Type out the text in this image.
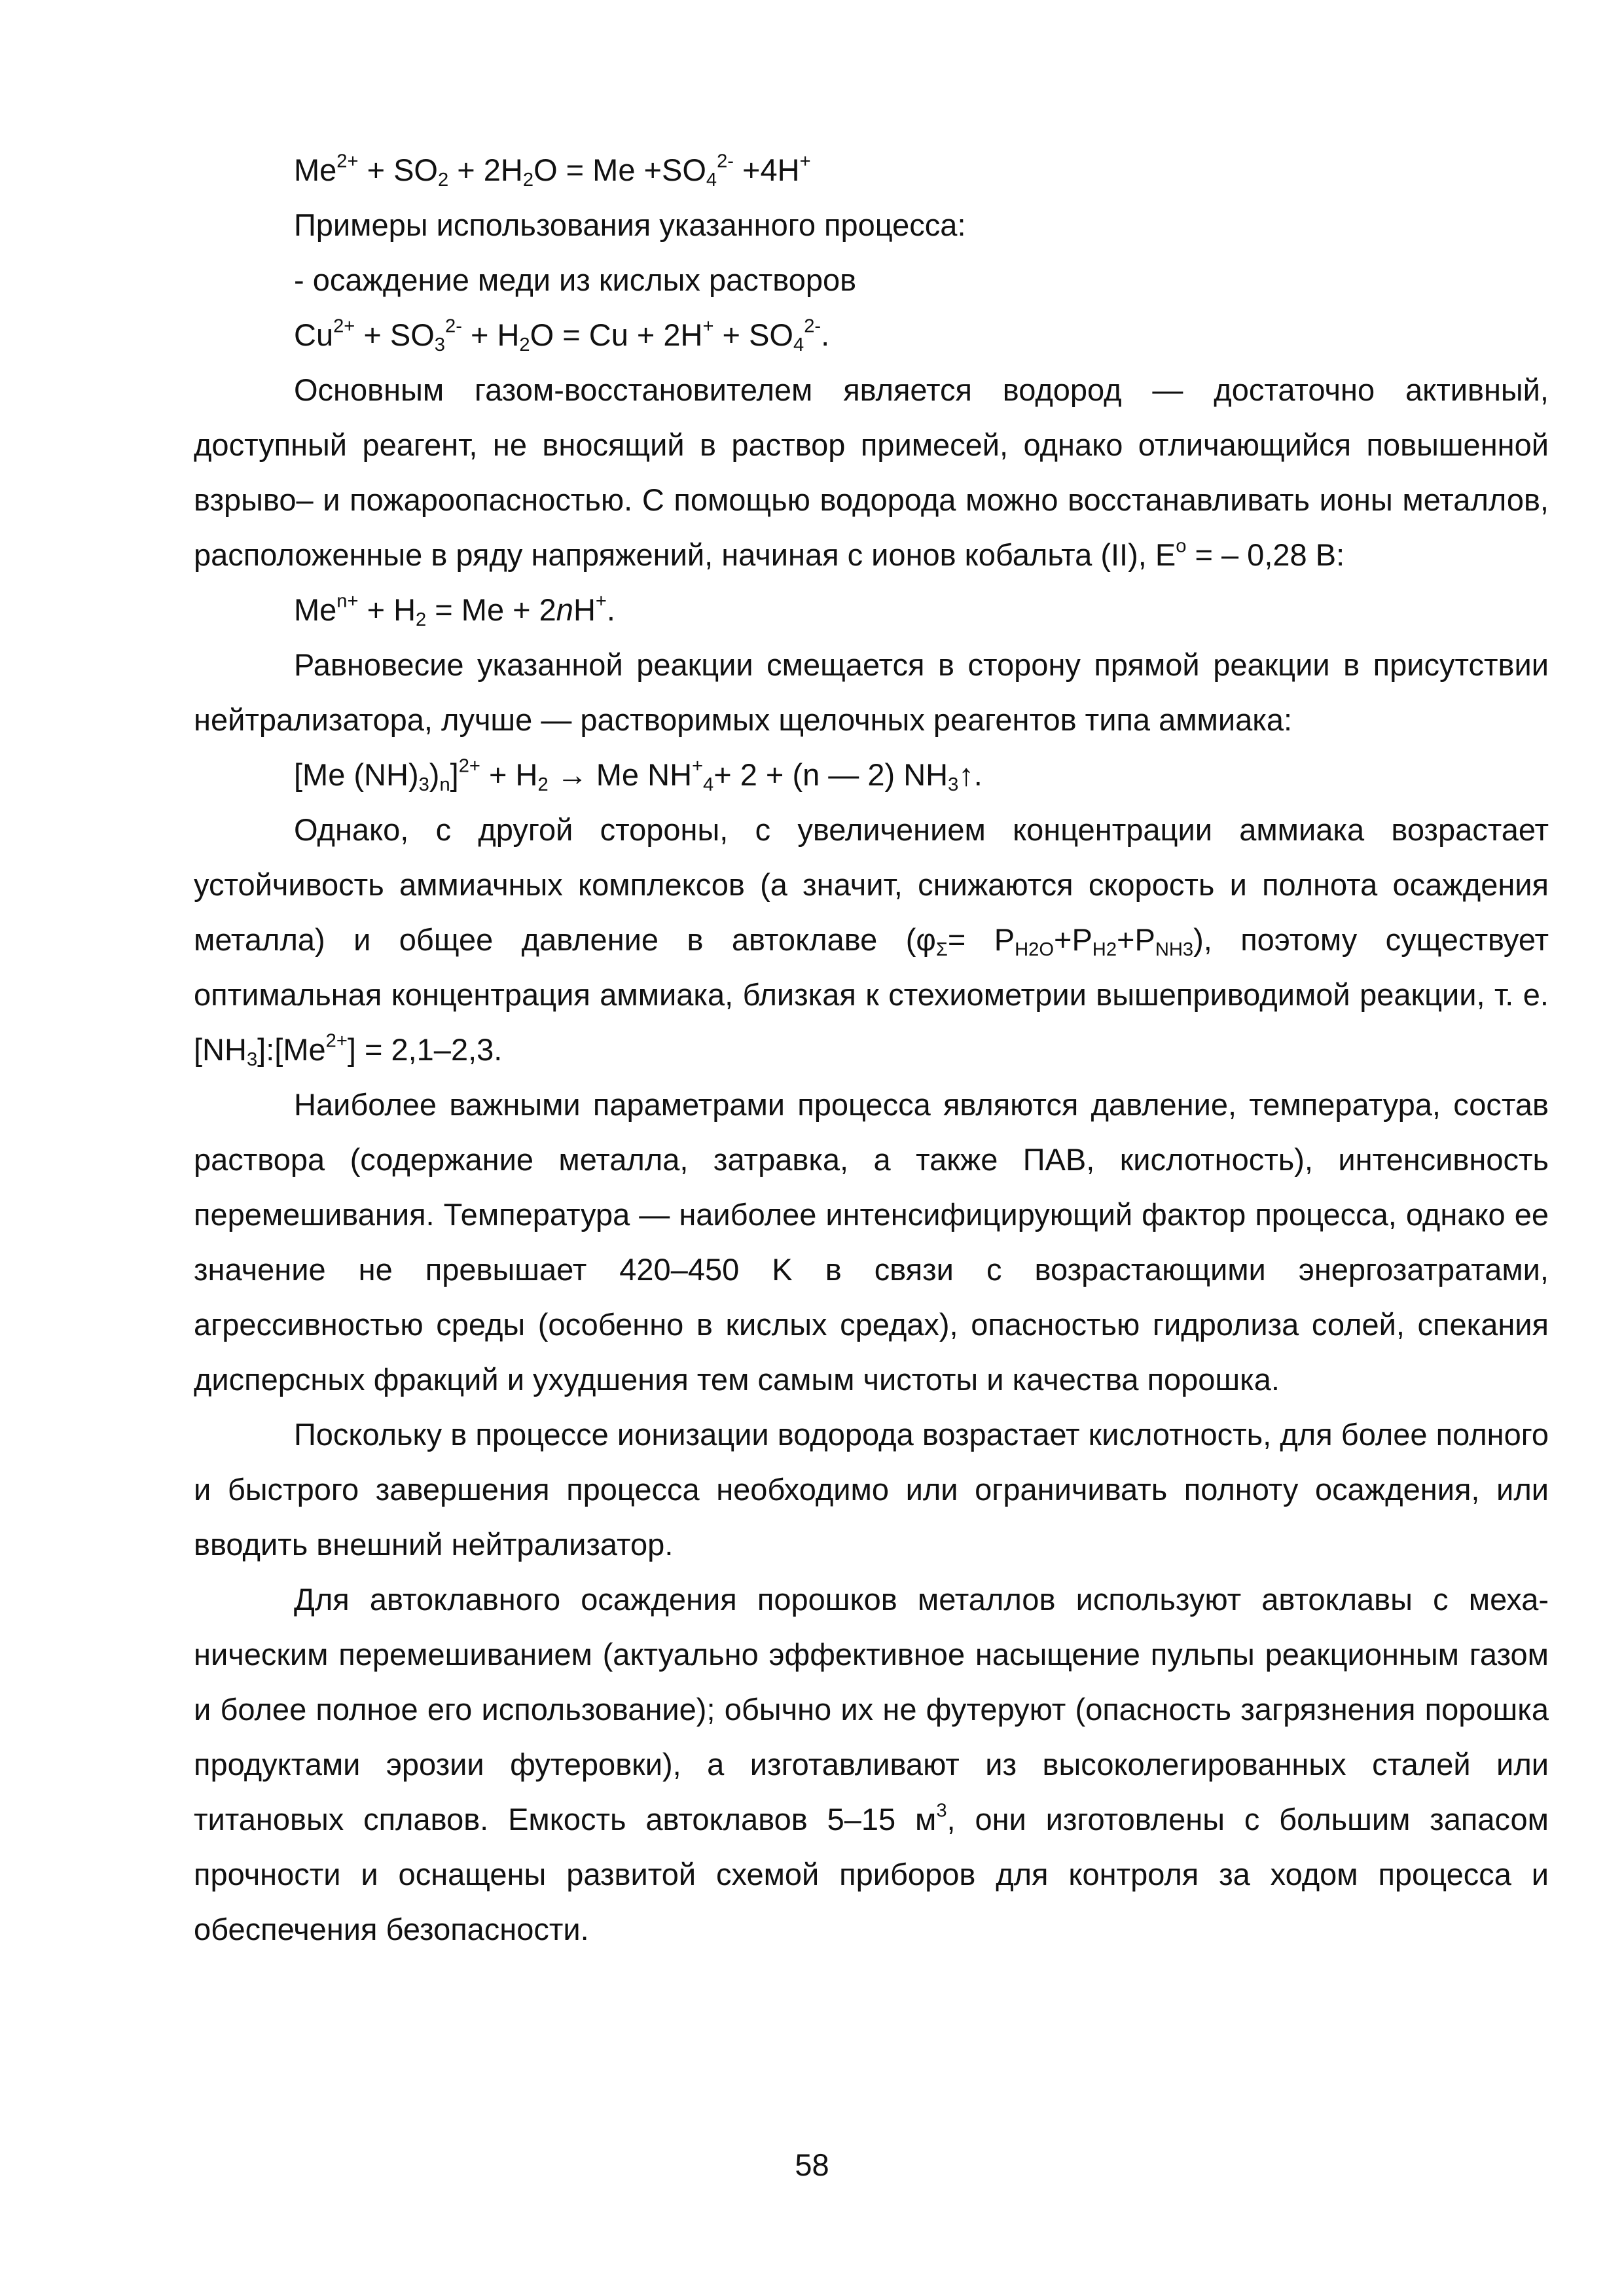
$Me^{2+} + SO_2 + 2H_2O = Me +SO_4^{2-} +4H^+$

Примеры использования указанного процесса:

- осаждение меди из кислых растворов

$Cu^{2+} + SO_3^{2-} + H_2O = Cu + 2H^+ + SO_4^{2-}$.

Основным газом-восстановителем является водород — достаточно активный, доступный реагент, не вносящий в раствор примесей, однако отличающийся повышенной взрыво– и пожароопасностью. С помощью водорода можно восстанавливать ионы металлов, расположенные в ряду напряжений, начиная с ионов кобальта (II), $Е^о$ = – 0,28 В:

$Me^{n+} + H_2 = Me + 2nH^+$.

Равновесие указанной реакции смещается в сторону прямой реакции в присутствии нейтрализатора, лучше — растворимых щелочных реагентов типа аммиака:

[Me $(NH)_3)_n]^{2+} + H_2 \to Me$ $NH^+_4+ 2 + (n$ — 2) $NH_3↑$.

Однако, с другой стороны, с увеличением концентрации аммиака возрастает устойчивость аммиачных комплексов (а значит, снижаются скорость и полнота осаждения металла) и общее давление в автоклаве $(\varphi_\Sigma= P_{H2O}+P_{H2}+P_{NH3})$, поэтому существует оптимальная концентрация аммиака, близкая к стехиометрии вышеприводимой реакции, т. е. $[NH_3]:[Me^{2+}] = 2,1-2,3$.

Наиболее важными параметрами процесса являются давление, температура, состав раствора (содержание металла, затравка, а также ПАВ, кислотность), интенсивность перемешивания. Температура — наиболее интенсифицирующий фактор процесса, однако ее значение не превышает 420–450 K в связи с возрастающими энергозатратами, агрессивностью среды (особенно в кислых средах), опасностью гидролиза солей, спекания дисперсных фракций и ухудшения тем самым чистоты и качества порошка.

Поскольку в процессе ионизации водорода возрастает кислотность, для более полного и быстрого завершения процесса необходимо или ограничивать полноту осаждения, или вводить внешний нейтрализатор.

Для автоклавного осаждения порошков металлов используют автоклавы с механическим перемешиванием (актуально эффективное насыщение пульпы реакционным газом и более полное его использование); обычно их не футеруют (опасность загрязнения порошка продуктами эрозии футеровки), а изготавливают из высоколегированных сталей или титановых сплавов. Емкость автоклавов 5–15 $м^3$, они изготовлены с большим запасом прочности и оснащены развитой схемой приборов для контроля за ходом процесса и обеспечения безопасности.

58
